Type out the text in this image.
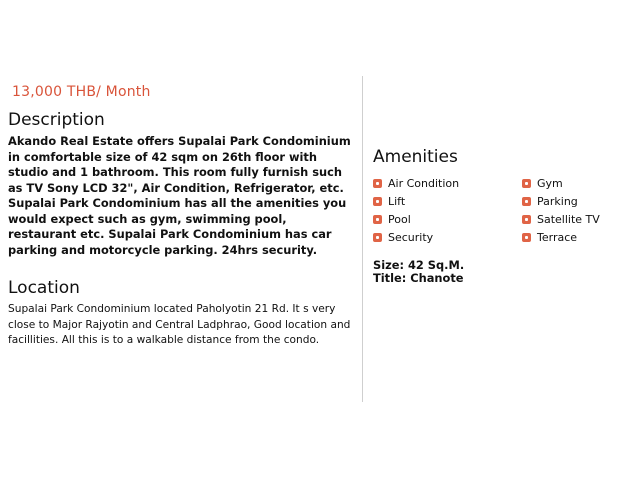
13,000 THB/ Month
Description

Akando Real Estate offers Supalai Park Condominium in comfortable size of 42 sqm on 26th floor with studio and 1 bathroom. This room fully furnish such as TV Sony LCD 32", Air Condition, Refrigerator, etc. Supalai Park Condominium has all the amenities you would expect such as gym, swimming pool, restaurant etc. Supalai Park Condominium has car parking and motorcycle parking. 24hrs security.

Location

Supalai Park Condominium located Paholyotin 21 Rd. It s very close to Major Rajyotin and Central Ladphrao, Good location and facillities. All this is to a walkable distance from the condo.

Amenities
Air Condition	Gym
Lift	Parking
Pool	Satellite TV
Security	Terrace
Size: 42 Sq.M.
Title: Chanote
